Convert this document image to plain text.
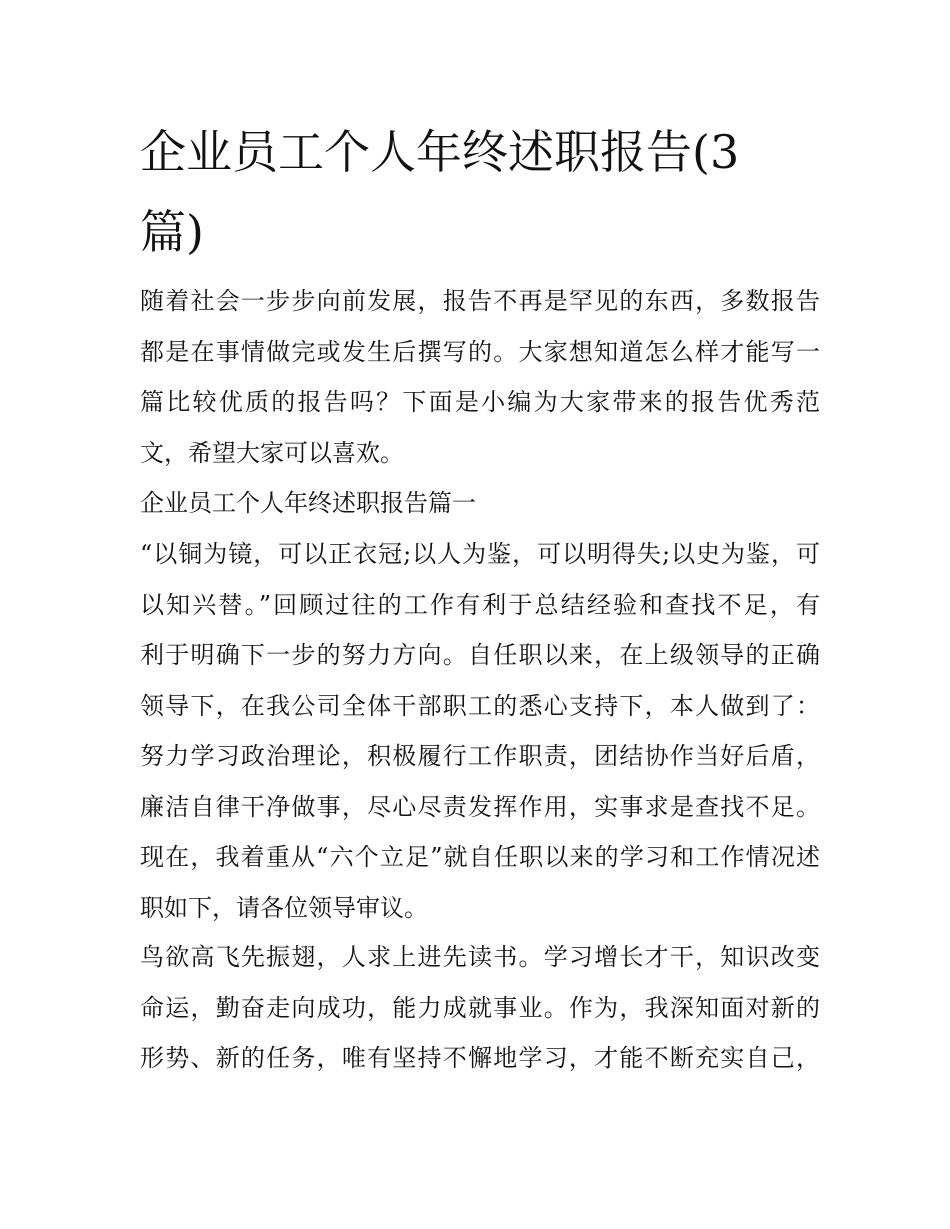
企业员工个人年终述职报告(3
篇)
随着社会一步步向前发展，报告不再是罕见的东西，多数报告
都是在事情做完或发生后撰写的。大家想知道怎么样才能写一
篇比较优质的报告吗？下面是小编为大家带来的报告优秀范
文，希望大家可以喜欢。
企业员工个人年终述职报告篇一
“以铜为镜，可以正衣冠;以人为鉴，可以明得失;以史为鉴，可
以知兴替。”回顾过往的工作有利于总结经验和查找不足，有
利于明确下一步的努力方向。自任职以来，在上级领导的正确
领导下，在我公司全体干部职工的悉心支持下，本人做到了：
努力学习政治理论，积极履行工作职责，团结协作当好后盾，
廉洁自律干净做事，尽心尽责发挥作用，实事求是查找不足。
现在，我着重从“六个立足”就自任职以来的学习和工作情况述
职如下，请各位领导审议。
鸟欲高飞先振翅，人求上进先读书。学习增长才干，知识改变
命运，勤奋走向成功，能力成就事业。作为，我深知面对新的
形势、新的任务，唯有坚持不懈地学习，才能不断充实自己，
